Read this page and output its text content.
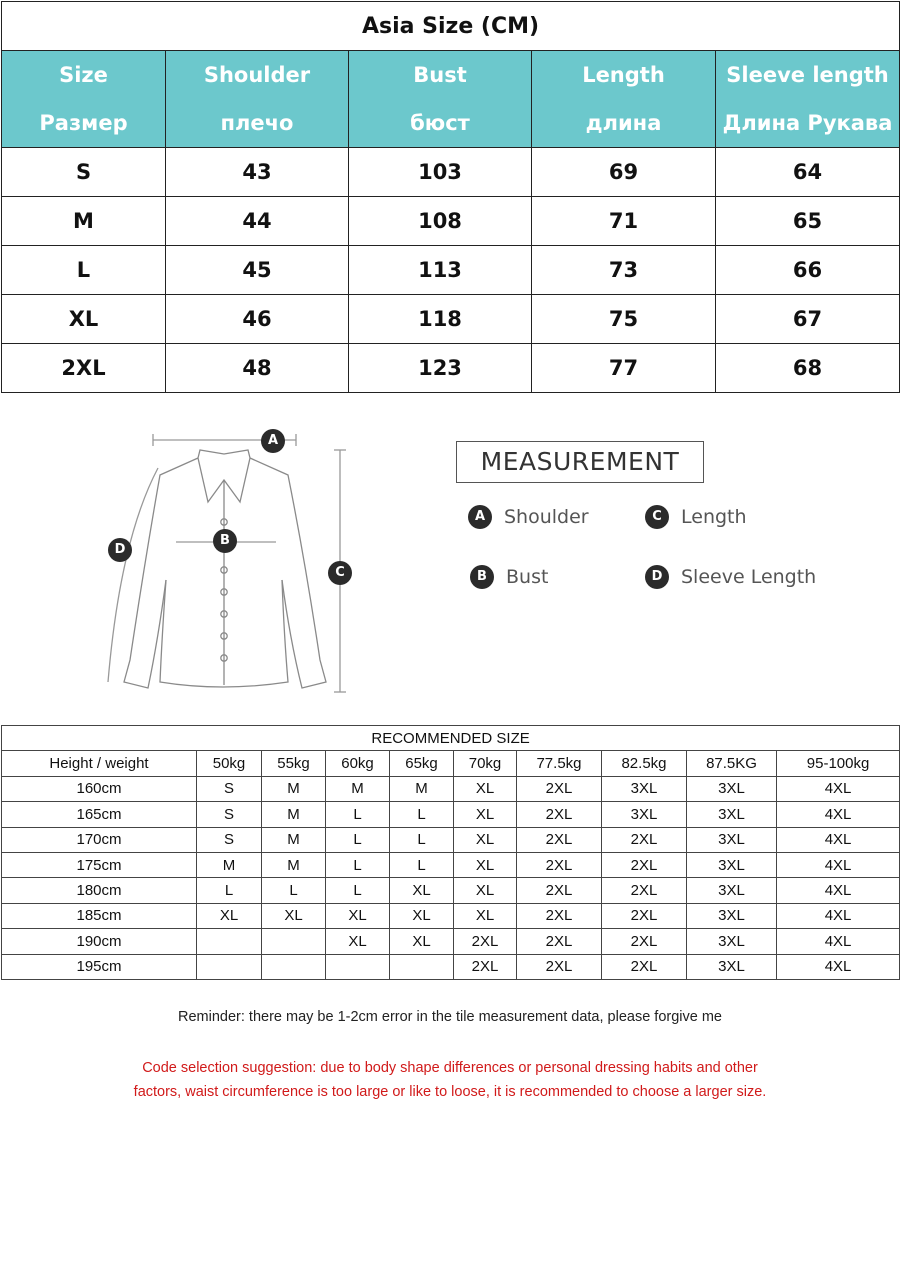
Asia Size (CM)				
Size	Shoulder	Bust	Length	Sleeve length
Размер	плечо	бюст	длина	Длина Рукава
S	43	103	69	64
M	44	108	71	65
L	45	113	73	66
XL	46	118	75	67
2XL	48	123	77	68
A
B
C
D
MEASUREMENT
A Shoulder	C	Length
B	Bust	D Sleeve Length
RECOMMENDED SIZE									
Height / weight	50kg	55kg	60kg	65kg	70kg	77.5kg	82.5kg	87.5KG	95-100kg
160cm	S	M	M	M	XL	2XL	3XL	3XL	4XL
165cm	S	M	L	L	XL	2XL	3XL	3XL	4XL
170cm	S	M	L	L	XL	2XL	2XL	3XL	4XL
175cm	M	M	L	L	XL	2XL	2XL	3XL	4XL
180cm	L	L	L	XL	XL	2XL	2XL	3XL	4XL
185cm	XL	XL	XL	XL	XL	2XL	2XL	3XL	4XL
190cm			XL	XL	2XL	2XL	2XL	3XL	4XL
195cm					2XL	2XL	2XL	3XL	4XL
Reminder: there may be 1-2cm error in the tile measurement data, please forgive me
Code selection suggestion: due to body shape differences or personal dressing habits and other
factors, waist circumference is too large or like to loose, it is recommended to choose a larger size.
